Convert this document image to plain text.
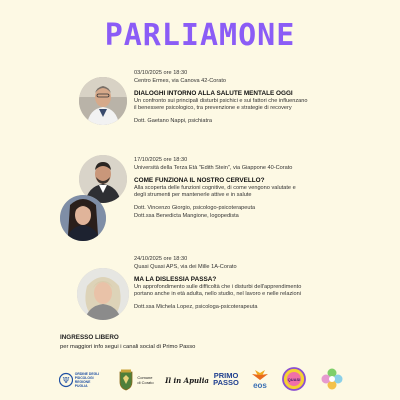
PARLIAMONE
03/10/2025 ore 18:30
Centro Ermes, via Canova 42-Corato
DIALOGHI INTORNO ALLA SALUTE MENTALE OGGI
Un confronto sui principali disturbi psichici e sui fattori che influenzano
il benessere psicologico, tra prevenzione e strategie di recovery
Dott. Gaetano Nappi, psichiatra
17/10/2025 ore 18:30
Università della Terza Età "Edith Stein", via Giappone 40-Corato
COME FUNZIONA IL NOSTRO CERVELLO?
Alla scoperta delle funzioni cognitive, di come vengono valutate e
degli strumenti per mantenerle attive e in salute
Dott. Vincenzo Giorgio, psicologo-psicoterapeuta
Dott.ssa Benedicta Mangione, logopedista
24/10/2025 ore 18:30
Quasi Quasi APS, via dei Mille 1A-Corato
MA LA DISLESSIA PASSA?
Un approfondimento sulle difficoltà che i disturbi dell'apprendimento
portano anche in età adulta, nello studio, nel lavoro e nelle relazioni
Dott.ssa Michela Lopez, psicologa-psicoterapeuta
INGRESSO LIBERO
per maggiori info segui i canali social di Primo Passo
Ψ
ORDINE DEGLI
PSICOLOGI
REGIONE
PUGLIA
Comune
di Corato Il in Apulia
PRIMO PASSO eos
QUASI
